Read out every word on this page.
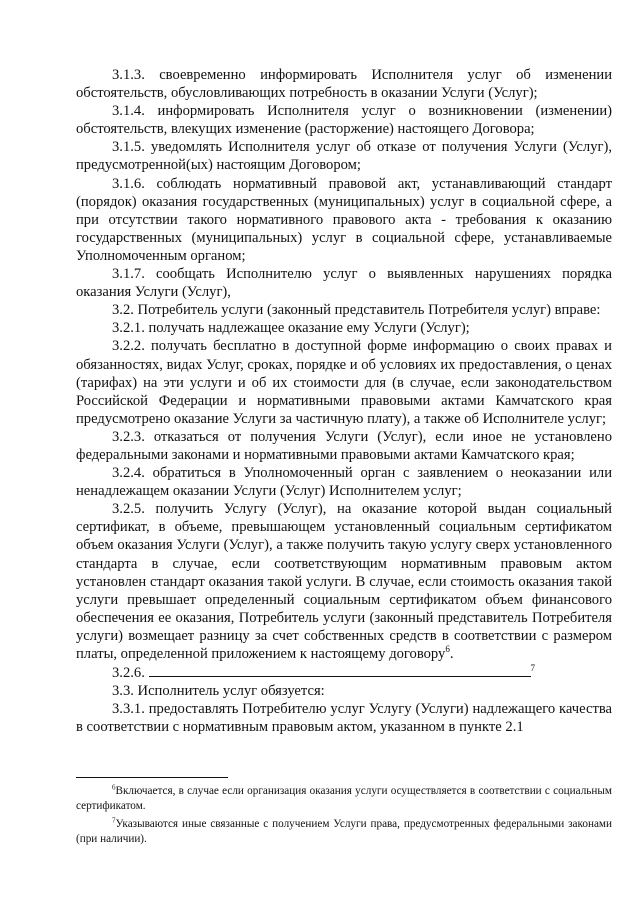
3.1.3. своевременно информировать Исполнителя услуг об изменении обстоятельств, обусловливающих потребность в оказании Услуги (Услуг);

3.1.4. информировать Исполнителя услуг о возникновении (изменении) обстоятельств, влекущих изменение (расторжение) настоящего Договора;

3.1.5. уведомлять Исполнителя услуг об отказе от получения Услуги (Услуг), предусмотренной(ых) настоящим Договором;

3.1.6. соблюдать нормативный правовой акт, устанавливающий стандарт (порядок) оказания государственных (муниципальных) услуг в социальной сфере, а при отсутствии такого нормативного правового акта - требования к оказанию государственных (муниципальных) услуг в социальной сфере, устанавливаемые Уполномоченным органом;

3.1.7. сообщать Исполнителю услуг о выявленных нарушениях порядка оказания Услуги (Услуг),

3.2. Потребитель услуги (законный представитель Потребителя услуг) вправе:

3.2.1. получать надлежащее оказание ему Услуги (Услуг);

3.2.2. получать бесплатно в доступной форме информацию о своих правах и обязанностях, видах Услуг, сроках, порядке и об условиях их предоставления, о ценах (тарифах) на эти услуги и об их стоимости для (в случае, если законодательством Российской Федерации и нормативными правовыми актами Камчатского края предусмотрено оказание Услуги за частичную плату), а также об Исполнителе услуг;

3.2.3. отказаться от получения Услуги (Услуг), если иное не установлено федеральными законами и нормативными правовыми актами Камчатского края;

3.2.4. обратиться в Уполномоченный орган с заявлением о неоказании или ненадлежащем оказании Услуги (Услуг) Исполнителем услуг;

3.2.5. получить Услугу (Услуг), на оказание которой выдан социальный сертификат, в объеме, превышающем установленный социальным сертификатом объем оказания Услуги (Услуг), а также получить такую услугу сверх установленного стандарта в случае, если соответствующим нормативным правовым актом установлен стандарт оказания такой услуги. В случае, если стоимость оказания такой услуги превышает определенный социальным сертификатом объем финансового обеспечения ее оказания, Потребитель услуги (законный представитель Потребителя услуги) возмещает разницу за счет собственных средств в соответствии с размером платы, определенной приложением к настоящему договору$^6$.

3.2.6.	$^7$

3.3. Исполнитель услуг обязуется:

3.3.1. предоставлять Потребителю услуг Услугу (Услуги) надлежащего качества в соответствии с нормативным правовым актом, указанном в пункте 2.1

$^6$Включается, в случае если организация оказания услуги осуществляется в соответствии с социальным сертификатом.

$^7$Указываются иные связанные с получением Услуги права, предусмотренных федеральными законами (при наличии).
